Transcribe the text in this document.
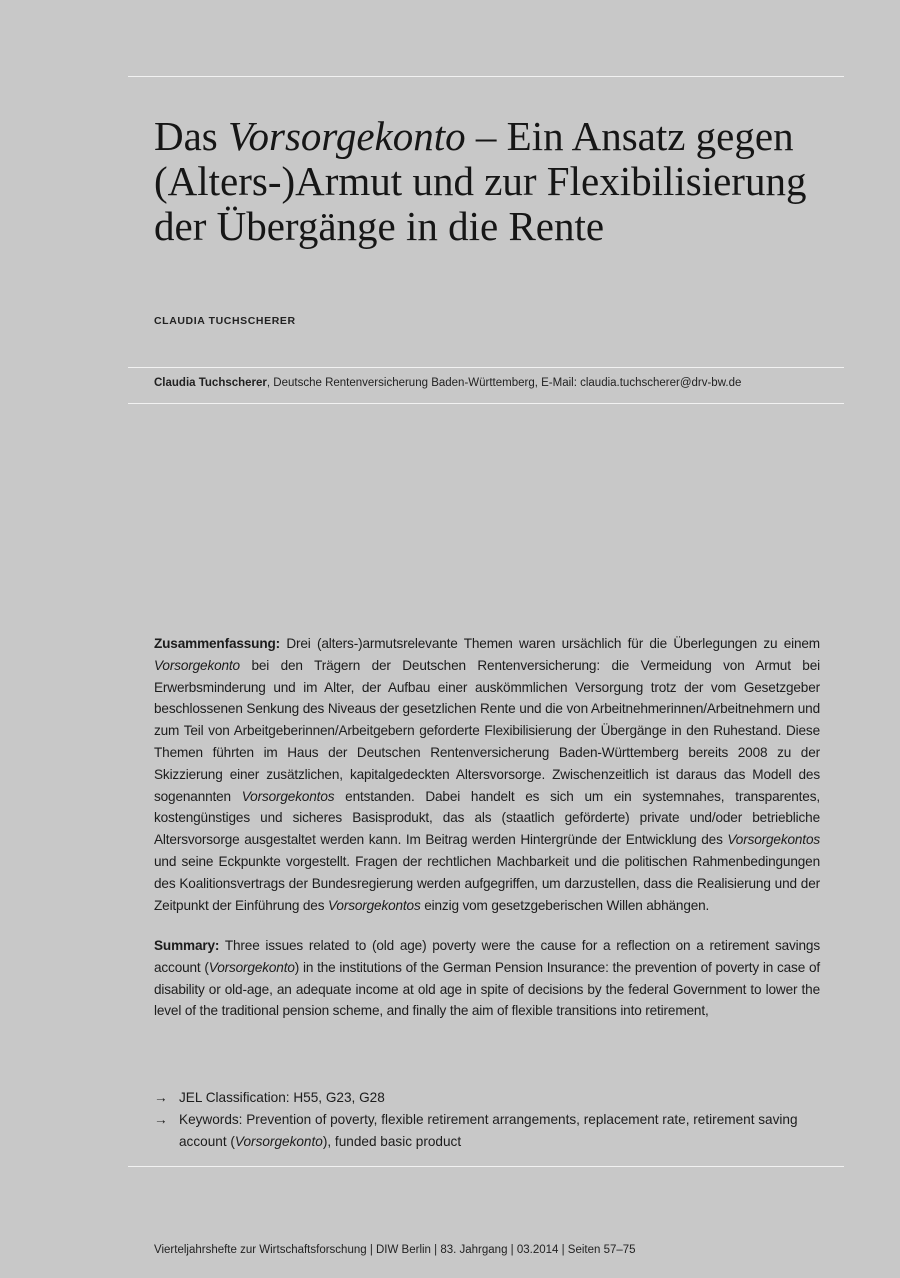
Das Vorsorgekonto – Ein Ansatz gegen (Alters-)Armut und zur Flexibilisierung der Übergänge in die Rente
CLAUDIA TUCHSCHERER
Claudia Tuchscherer, Deutsche Rentenversicherung Baden-Württemberg, E-Mail: claudia.tuchscherer@drv-bw.de

Zusammenfassung: Drei (alters-)armutsrelevante Themen waren ursächlich für die Überlegungen zu einem Vorsorgekonto bei den Trägern der Deutschen Rentenversicherung: die Vermeidung von Armut bei Erwerbsminderung und im Alter, der Aufbau einer auskömmlichen Versorgung trotz der vom Gesetzgeber beschlossenen Senkung des Niveaus der gesetzlichen Rente und die von Arbeitnehmerinnen/Arbeitnehmern und zum Teil von Arbeitgeberinnen/Arbeitgebern geforderte Flexibilisierung der Übergänge in den Ruhestand. Diese Themen führten im Haus der Deutschen Rentenversicherung Baden-Württemberg bereits 2008 zu der Skizzierung einer zusätzlichen, kapitalgedeckten Altersvorsorge. Zwischenzeitlich ist daraus das Modell des sogenannten Vorsorgekontos entstanden. Dabei handelt es sich um ein systemnahes, transparentes, kostengünstiges und sicheres Basisprodukt, das als (staatlich geförderte) private und/oder betriebliche Altersvorsorge ausgestaltet werden kann. Im Beitrag werden Hintergründe der Entwicklung des Vorsorgekontos und seine Eckpunkte vorgestellt. Fragen der rechtlichen Machbarkeit und die politischen Rahmenbedingungen des Koalitionsvertrags der Bundesregierung werden aufgegriffen, um darzustellen, dass die Realisierung und der Zeitpunkt der Einführung des Vorsorgekontos einzig vom gesetzgeberischen Willen abhängen.

Summary: Three issues related to (old age) poverty were the cause for a reflection on a retirement savings account (Vorsorgekonto) in the institutions of the German Pension Insurance: the prevention of poverty in case of disability or old-age, an adequate income at old age in spite of decisions by the federal Government to lower the level of the traditional pension scheme, and finally the aim of flexible transitions into retirement,

→ JEL Classification: H55, G23, G28
→ Keywords: Prevention of poverty, flexible retirement arrangements, replacement rate, retirement saving account (Vorsorgekonto), funded basic product
Vierteljahrshefte zur Wirtschaftsforschung | DIW Berlin | 83. Jahrgang | 03.2014 | Seiten 57–75
